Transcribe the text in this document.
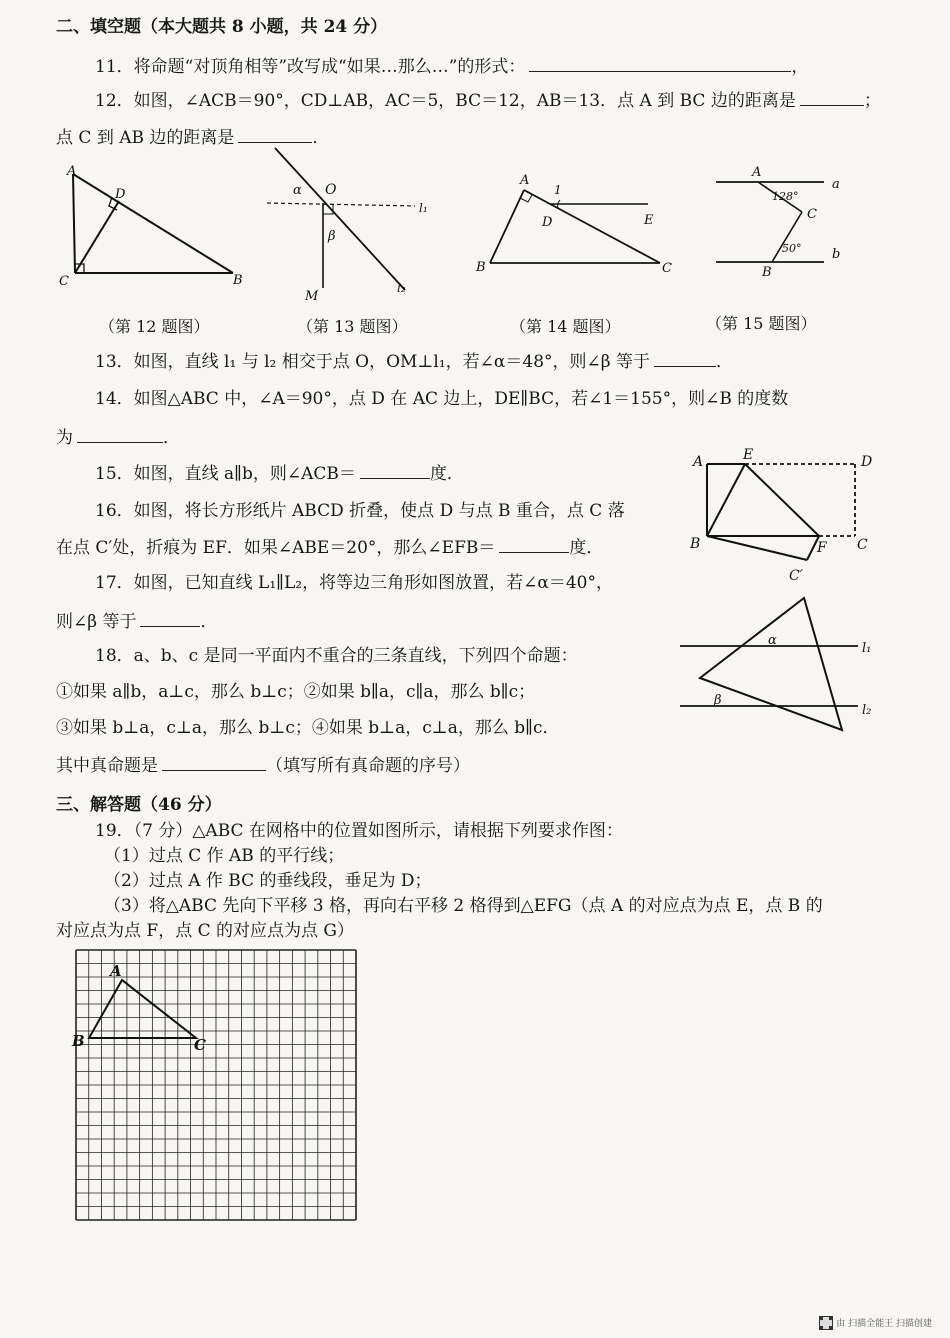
二、填空题（本大题共 8 小题，共 24 分）
11．将命题“对顶角相等”改写成“如果…那么…”的形式：	，
12．如图，∠ACB＝90°，CD⊥AB，AC＝5，BC＝12，AB＝13．点 A 到 BC 边的距离是	；
点 C 到 AB 边的距离是	．
A
D
C	B
（第 12 题图）
α O
l₁
β
M
l₂
（第 13 题图）
A
1
D	E
B	C
（第 14 题图）
A
a
128°
C
50° b
B
（第 15 题图）
13．如图，直线 l₁ 与 l₂ 相交于点 O，OM⊥l₁，若∠α＝48°，则∠β 等于	．
14．如图△ABC 中，∠A＝90°，点 D 在 AC 边上，DE∥BC，若∠1＝155°，则∠B 的度数
为	．
15．如图，直线 a∥b，则∠ACB＝	度．
16．如图，将长方形纸片 ABCD 折叠，使点 D 与点 B 重合，点 C 落
在点 C′处，折痕为 EF．如果∠ABE＝20°，那么∠EFB＝	度．
A	E	D
B	F C
C′
17．如图，已知直线 L₁∥L₂，将等边三角形如图放置，若∠α＝40°，
则∠β 等于	．
α
l₁
β
l₂
18．a、b、c 是同一平面内不重合的三条直线，下列四个命题：
①如果 a∥b，a⊥c，那么 b⊥c；②如果 b∥a，c∥a，那么 b∥c；
③如果 b⊥a，c⊥a，那么 b⊥c；④如果 b⊥a，c⊥a，那么 b∥c．
其中真命题是	（填写所有真命题的序号）
三、解答题（46 分）
19．（7 分）△ABC 在网格中的位置如图所示，请根据下列要求作图：
（1）过点 C 作 AB 的平行线；
（2）过点 A 作 BC 的垂线段，垂足为 D；
（3）将△ABC 先向下平移 3 格，再向右平移 2 格得到△EFG（点 A 的对应点为点 E，点 B 的
对应点为点 F，点 C 的对应点为点 G）
A
B	C
由 扫描全能王 扫描创建
